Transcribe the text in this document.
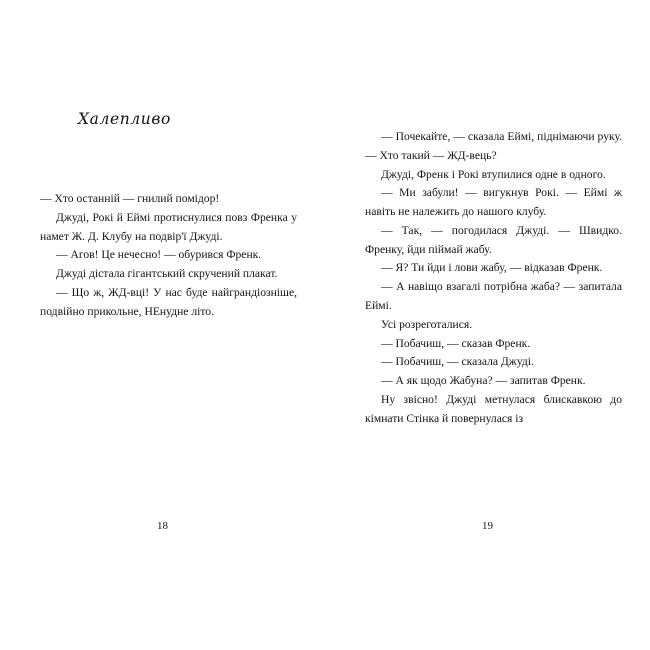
Халепливо

— Хто останній — гнилий помідор!

Джуді, Рокі й Еймі протиснулися повз Френка у намет Ж. Д. Клубу на подвір'ї Джуді.

— Агов! Це нечесно! — обурився Френк.

Джуді дістала гігантський скручений плакат.

— Що ж, ЖД-вці! У нас буде найграндіозніше, подвійно прикольне, НЕнудне літо.

18

— Почекайте, — сказала Еймі, піднімаючи руку. — Хто такий — ЖД-вець?

Джуді, Френк і Рокі втупилися одне в одного.

— Ми забули! — вигукнув Рокі. — Еймі ж навіть не належить до нашого клубу.

— Так, — погодилася Джуді. — Швидко. Френку, йди піймай жабу.

— Я? Ти йди і лови жабу, — відказав Френк.

— А навіщо взагалі потрібна жаба? — запитала Еймі.

Усі розреготалися.

— Побачиш, — сказав Френк.

— Побачиш, — сказала Джуді.

— А як щодо Жабуна? — запитав Френк.

Ну звісно! Джуді метнулася блискавкою до кімнати Стінка й повернулася із

19
